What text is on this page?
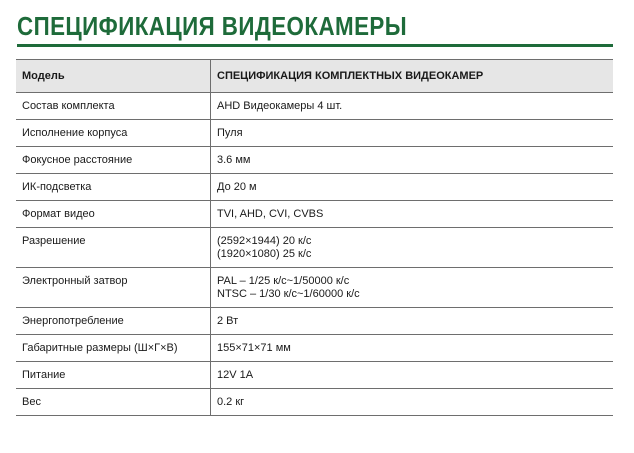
СПЕЦИФИКАЦИЯ ВИДЕОКАМЕРЫ
Модель	СПЕЦИФИКАЦИЯ КОМПЛЕКТНЫХ ВИДЕОКАМЕР
Состав комплекта	AHD Видеокамеры 4 шт.

Исполнение корпуса	Пуля

Фокусное расстояние	3.6 мм

ИК-подсветка	До 20 м

Формат видео	TVI, AHD, CVI, CVBS

Разрешение	(2592×1944) 20 к/с
(1920×1080) 25 к/с

Электронный затвор	PAL – 1/25 к/с~1/50000 к/с
NTSC – 1/30 к/с~1/60000 к/с

Энергопотребление	2 Вт

Габаритные размеры (Ш×Г×В)	155×71×71 мм

Питание	12V 1A

Вес	0.2 кг
